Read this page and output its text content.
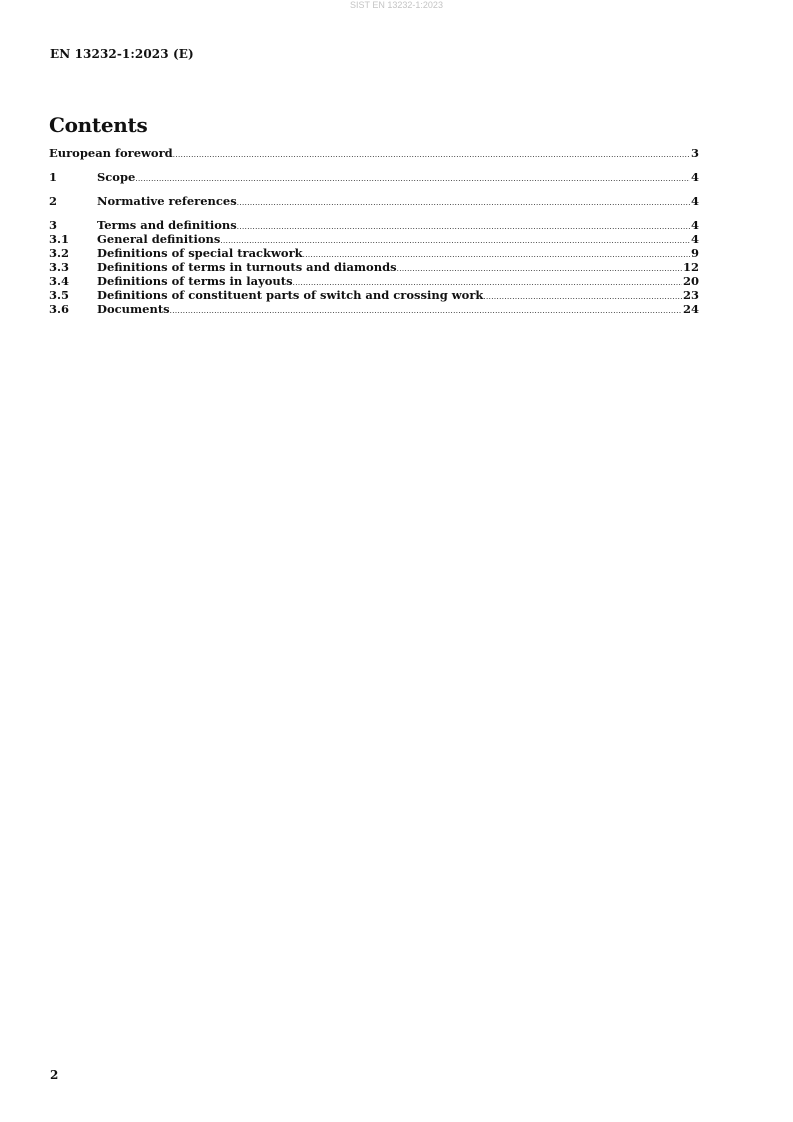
SIST EN 13232-1:2023
EN 13232-1:2023 (E)
Contents
European foreword .....	3
1	Scope .....	4
2	Normative references .....	4
3	Terms and definitions .....	4
3.1	General definitions .....	4
3.2	Definitions of special trackwork .....	9
3.3	Definitions of terms in turnouts and diamonds .....	12
3.4	Definitions of terms in layouts .....	20
3.5	Definitions of constituent parts of switch and crossing work .....	23
3.6	Documents .....	24
2
